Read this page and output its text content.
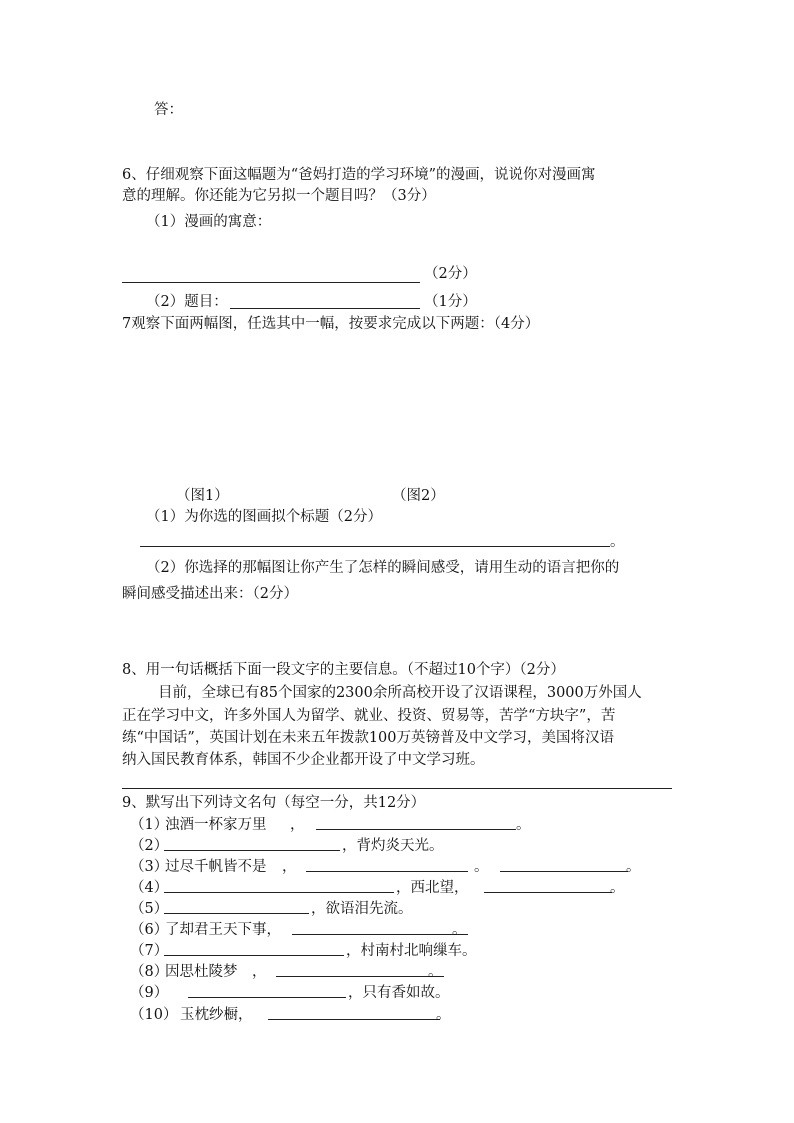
答：
6、仔细观察下面这幅题为“爸妈打造的学习环境”的漫画，说说你对漫画寓
意的理解。你还能为它另拟一个题目吗？（3分）
（1）漫画的寓意：
（2分）
（2）题目：	（1分）
7观察下面两幅图，任选其中一幅，按要求完成以下两题：（4分）
（图1）	（图2）
（1）为你选的图画拟个标题（2分）
。
（2）你选择的那幅图让你产生了怎样的瞬间感受，请用生动的语言把你的
瞬间感受描述出来：（2分）
8、用一句话概括下面一段文字的主要信息。（不超过10个字）（2分）
目前，全球已有85个国家的2300余所高校开设了汉语课程，3000万外国人
正在学习中文，许多外国人为留学、就业、投资、贸易等，苦学“方块字”，苦
练“中国话”，英国计划在未来五年拨款100万英镑普及中文学习，美国将汉语
纳入国民教育体系，韩国不少企业都开设了中文学习班。
9、默写出下列诗文名句（每空一分，共12分）
（1）
浊酒一杯家万里 ，	。
（2）	，背灼炎天光。
（3）
过尽千帆皆不是 ，	。	。
（4）	，西北望，	。
（5）	，欲语泪先流。
（6）
了却君王天下事，	。
（7）	，村南村北响缫车。
（8）
因思杜陵梦 ，	。
（9）	，只有香如故。
（10） 玉枕纱橱，	。
